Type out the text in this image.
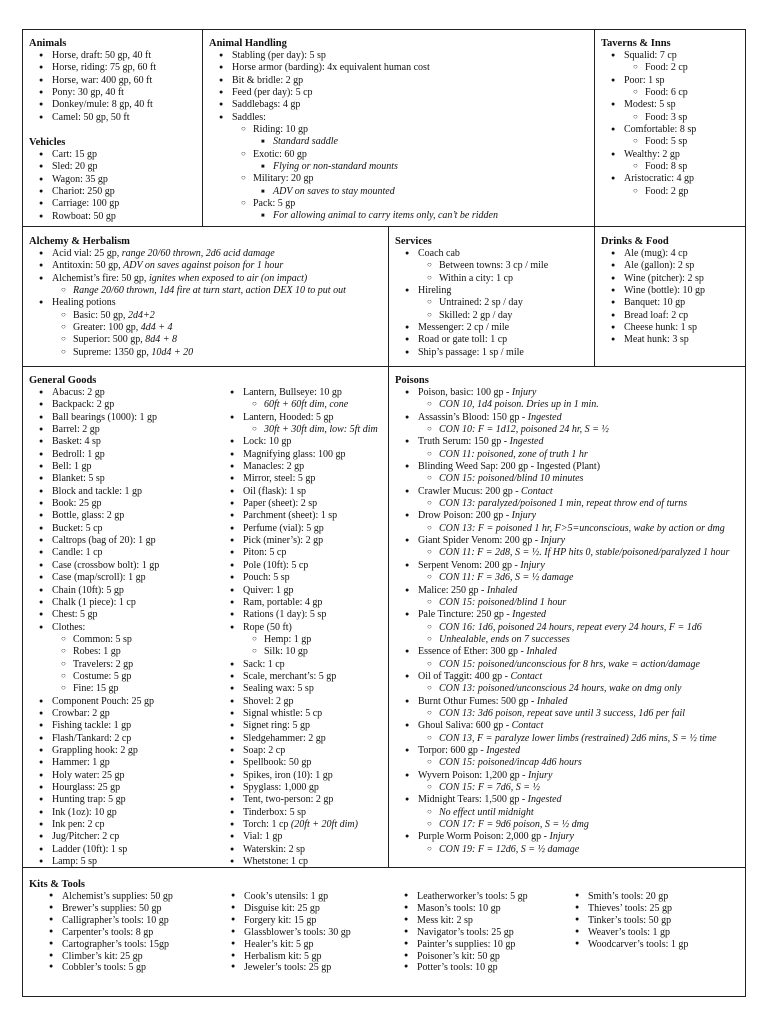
Animals
● Horse, draft: 50 gp, 40 ft
● Horse, riding: 75 gp, 60 ft
● Horse, war: 400 gp, 60 ft
● Pony: 30 gp, 40 ft
● Donkey/mule: 8 gp, 40 ft
● Camel: 50 gp, 50 ft
Vehicles
● Cart: 15 gp
● Sled: 20 gp
● Wagon: 35 gp
● Chariot: 250 gp
● Carriage: 100 gp
● Rowboat: 50 gp
Animal Handling
● Stabling (per day): 5 sp
● Horse armor (barding): 4x equivalent human cost
● Bit & bridle: 2 gp
● Feed (per day): 5 cp
● Saddlebags: 4 gp
● Saddles:
○ Riding: 10 gp
■ Standard saddle
○ Exotic: 60 gp
■ Flying or non-standard mounts
○ Military: 20 gp
■ ADV on saves to stay mounted
○ Pack: 5 gp
■ For allowing animal to carry items only, can’t be ridden
Taverns & Inns
● Squalid: 7 cp
○ Food: 2 cp
● Poor: 1 sp
○ Food: 6 cp
● Modest: 5 sp
○ Food: 3 sp
● Comfortable: 8 sp
○ Food: 5 sp
● Wealthy: 2 gp
○ Food: 8 sp
● Aristocratic: 4 gp
○ Food: 2 gp
Alchemy & Herbalism
● Acid vial: 25 gp, range 20/60 thrown, 2d6 acid damage
● Antitoxin: 50 gp, ADV on saves against poison for 1 hour
● Alchemist’s fire: 50 gp, ignites when exposed to air (on impact)
○ Range 20/60 thrown, 1d4 fire at turn start, action DEX 10 to put out
● Healing potions
○ Basic: 50 gp, 2d4+2
○ Greater: 100 gp, 4d4 + 4
○ Superior: 500 gp, 8d4 + 8
○ Supreme: 1350 gp, 10d4 + 20
Services
● Coach cab
○ Between towns: 3 cp / mile
○ Within a city: 1 cp
● Hireling
○ Untrained: 2 sp / day
○ Skilled: 2 gp / day
● Messenger: 2 cp / mile
● Road or gate toll: 1 cp
● Ship’s passage: 1 sp / mile
Drinks & Food
● Ale (mug): 4 cp
● Ale (gallon): 2 sp
● Wine (pitcher): 2 sp
● Wine (bottle): 10 gp
● Banquet: 10 gp
● Bread loaf: 2 cp
● Cheese hunk: 1 sp
● Meat hunk: 3 sp
General Goods
● Abacus: 2 gp
● Backpack: 2 gp
● Ball bearings (1000): 1 gp
● Barrel: 2 gp
● Basket: 4 sp
● Bedroll: 1 gp
● Bell: 1 gp
● Blanket: 5 sp
● Block and tackle: 1 gp
● Book: 25 gp
● Bottle, glass: 2 gp
● Bucket: 5 cp
● Caltrops (bag of 20): 1 gp
● Candle: 1 cp
● Case (crossbow bolt): 1 gp
● Case (map/scroll): 1 gp
● Chain (10ft): 5 gp
● Chalk (1 piece): 1 cp
● Chest: 5 gp
● Clothes:
○ Common: 5 sp
○ Robes: 1 gp
○ Travelers: 2 gp
○ Costume: 5 gp
○ Fine: 15 gp
● Component Pouch: 25 gp
● Crowbar: 2 gp
● Fishing tackle: 1 gp
● Flash/Tankard: 2 cp
● Grappling hook: 2 gp
● Hammer: 1 gp
● Holy water: 25 gp
● Hourglass: 25 gp
● Hunting trap: 5 gp
● Ink (1oz): 10 gp
● Ink pen: 2 cp
● Jug/Pitcher: 2 cp
● Ladder (10ft): 1 sp
● Lamp: 5 sp
● Lantern, Bullseye: 10 gp
○ 60ft + 60ft dim, cone
● Lantern, Hooded: 5 gp
○ 30ft + 30ft dim, low: 5ft dim
● Lock: 10 gp
● Magnifying glass: 100 gp
● Manacles: 2 gp
● Mirror, steel: 5 gp
● Oil (flask): 1 sp
● Paper (sheet): 2 sp
● Parchment (sheet): 1 sp
● Perfume (vial): 5 gp
● Pick (miner’s): 2 gp
● Piton: 5 cp
● Pole (10ft): 5 cp
● Pouch: 5 sp
● Quiver: 1 gp
● Ram, portable: 4 gp
● Rations (1 day): 5 sp
● Rope (50 ft)
○ Hemp: 1 gp
○ Silk: 10 gp
● Sack: 1 cp
● Scale, merchant’s: 5 gp
● Sealing wax: 5 sp
● Shovel: 2 gp
● Signal whistle: 5 cp
● Signet ring: 5 gp
● Sledgehammer: 2 gp
● Soap: 2 cp
● Spellbook: 50 gp
● Spikes, iron (10): 1 gp
● Spyglass: 1,000 gp
● Tent, two-person: 2 gp
● Tinderbox: 5 sp
● Torch: 1 cp (20ft + 20ft dim)
● Vial: 1 gp
● Waterskin: 2 sp
● Whetstone: 1 cp
Poisons
● Poison, basic: 100 gp - Injury
○ CON 10, 1d4 poison. Dries up in 1 min.
● Assassin’s Blood: 150 gp - Ingested
○ CON 10: F = 1d12, poisoned 24 hr, S = ½
● Truth Serum: 150 gp - Ingested
○ CON 11: poisoned, zone of truth 1 hr
● Blinding Weed Sap: 200 gp - Ingested (Plant)
○ CON 15: poisoned/blind 10 minutes
● Crawler Mucus: 200 gp - Contact
○ CON 13: paralyzed/poisoned 1 min, repeat throw end of turns
● Drow Poison: 200 gp - Injury
○ CON 13: F = poisoned 1 hr, F>5=unconscious, wake by action or dmg
● Giant Spider Venom: 200 gp - Injury
○ CON 11: F = 2d8, S = ½. If HP hits 0, stable/poisoned/paralyzed 1 hour
● Serpent Venom: 200 gp - Injury
○ CON 11: F = 3d6, S = ½ damage
● Malice: 250 gp - Inhaled
○ CON 15: poisoned/blind 1 hour
● Pale Tincture: 250 gp - Ingested
○ CON 16: 1d6, poisoned 24 hours, repeat every 24 hours, F = 1d6
○ Unhealable, ends on 7 successes
● Essence of Ether: 300 gp - Inhaled
○ CON 15: poisoned/unconscious for 8 hrs, wake = action/damage
● Oil of Taggit: 400 gp - Contact
○ CON 13: poisoned/unconscious 24 hours, wake on dmg only
● Burnt Othur Fumes: 500 gp - Inhaled
○ CON 13: 3d6 poison, repeat save until 3 success, 1d6 per fail
● Ghoul Saliva: 600 gp - Contact
○ CON 13, F = paralyze lower limbs (restrained) 2d6 mins, S = ½ time
● Torpor: 600 gp - Ingested
○ CON 15: poisoned/incap 4d6 hours
● Wyvern Poison: 1,200 gp - Injury
○ CON 15: F = 7d6, S = ½
● Midnight Tears: 1,500 gp - Ingested
○ No effect until midnight
○ CON 17: F = 9d6 poison, S = ½ dmg
● Purple Worm Poison: 2,000 gp - Injury
○ CON 19: F = 12d6, S = ½ damage
Kits & Tools
● Alchemist’s supplies: 50 gp
● Brewer’s supplies: 50 gp
● Calligrapher’s tools: 10 gp
● Carpenter’s tools: 8 gp
● Cartographer’s tools: 15gp
● Climber’s kit: 25 gp
● Cobbler’s tools: 5 gp
● Cook’s utensils: 1 gp
● Disguise kit: 25 gp
● Forgery kit: 15 gp
● Glassblower’s tools: 30 gp
● Healer’s kit: 5 gp
● Herbalism kit: 5 gp
● Jeweler’s tools: 25 gp
● Leatherworker’s tools: 5 gp
● Mason’s tools: 10 gp
● Mess kit: 2 sp
● Navigator’s tools: 25 gp
● Painter’s supplies: 10 gp
● Poisoner’s kit: 50 gp
● Potter’s tools: 10 gp
● Smith’s tools: 20 gp
● Thieves’ tools: 25 gp
● Tinker’s tools: 50 gp
● Weaver’s tools: 1 gp
● Woodcarver’s tools: 1 gp
